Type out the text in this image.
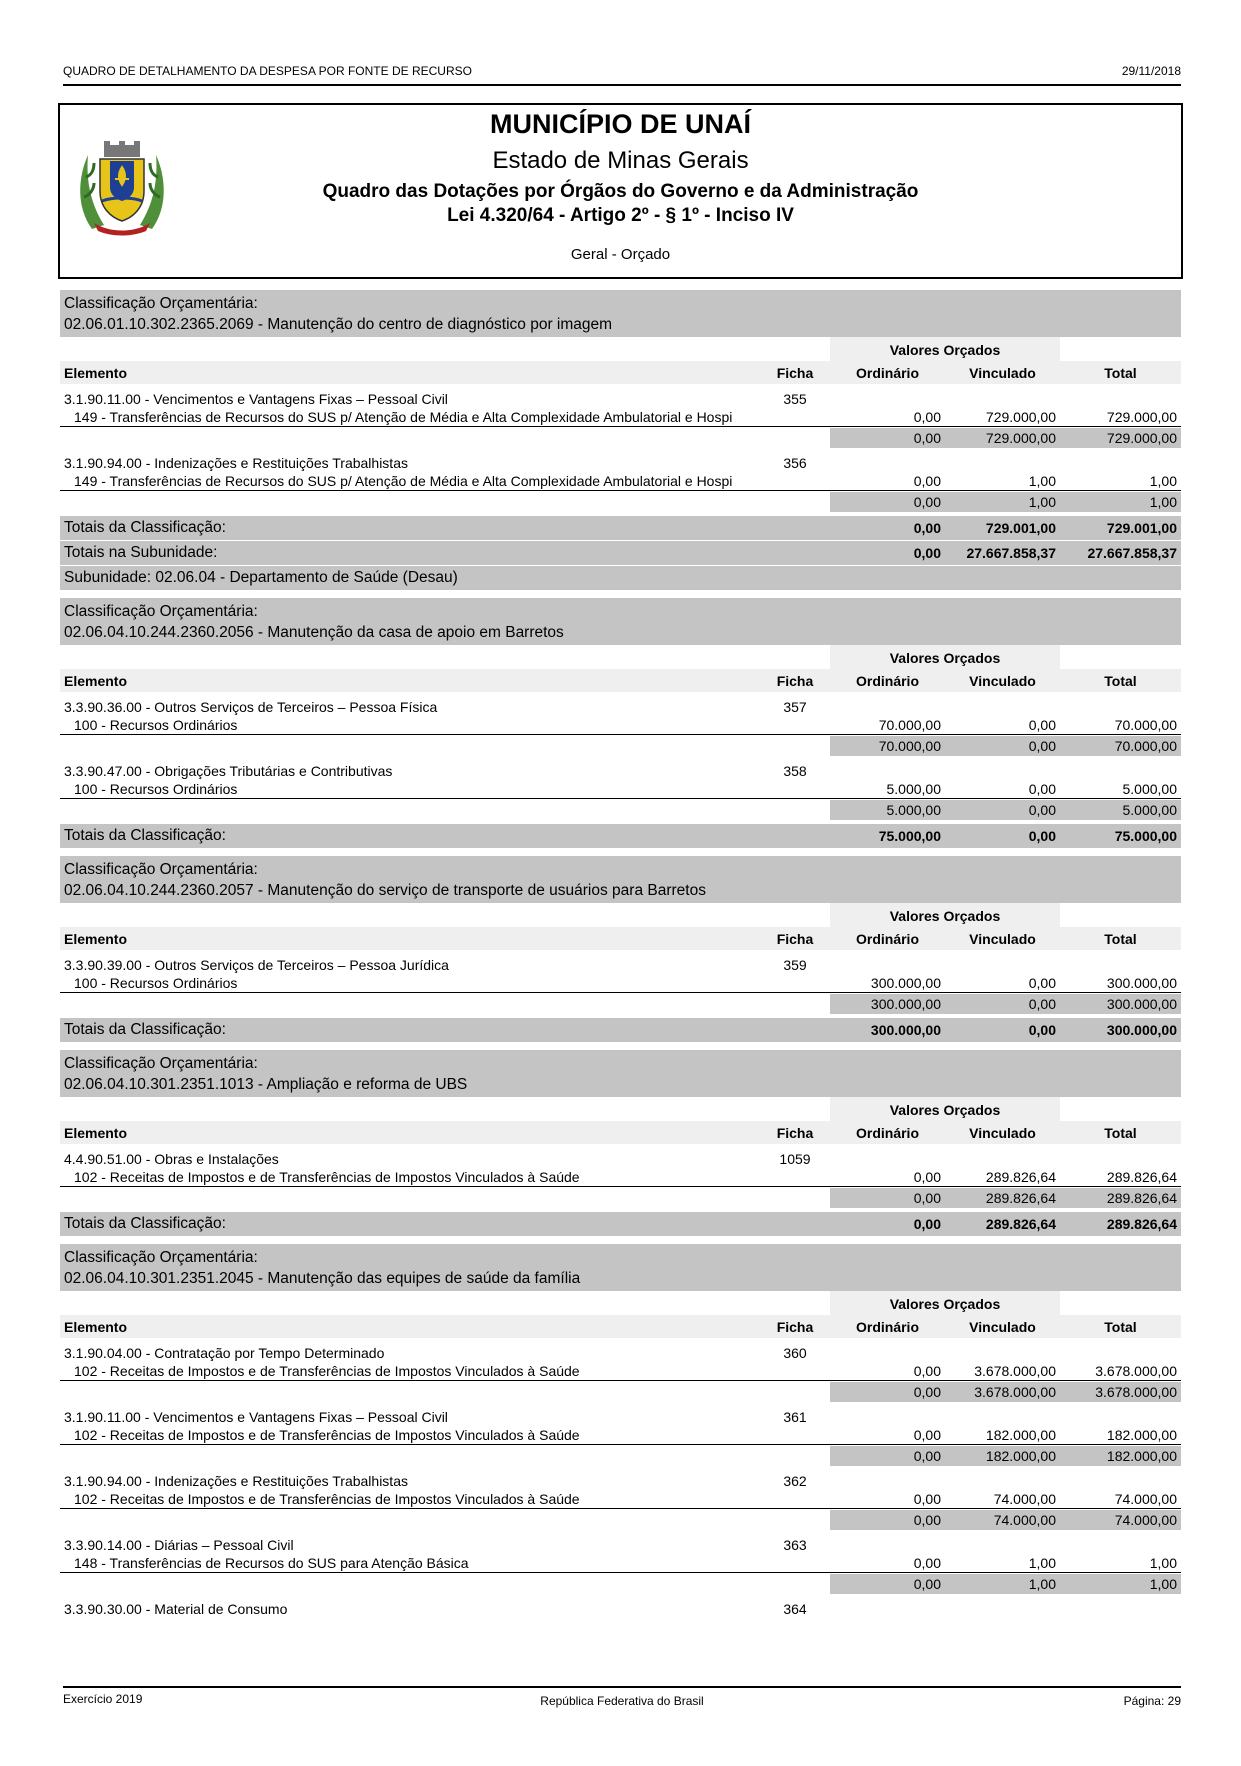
QUADRO DE DETALHAMENTO DA DESPESA POR FONTE DE RECURSO	29/11/2018
MUNICÍPIO DE UNAÍ
Estado de Minas Gerais
Quadro das Dotações por Órgãos do Governo e da Administração
Lei 4.320/64 - Artigo 2º - § 1º - Inciso IV
Geral - Orçado
Classificação Orçamentária:
02.06.01.10.302.2365.2069 - Manutenção do centro de diagnóstico por imagem
Valores Orçados
Elemento	Ficha	Ordinário	Vinculado	Total
3.1.90.11.00 - Vencimentos e Vantagens Fixas – Pessoal Civil	355
149 - Transferências de Recursos do SUS p/ Atenção de Média e Alta Complexidade Ambulatorial e Hospi	0,00	729.000,00	729.000,00
0,00	729.000,00	729.000,00
3.1.90.94.00 - Indenizações e Restituições Trabalhistas	356
149 - Transferências de Recursos do SUS p/ Atenção de Média e Alta Complexidade Ambulatorial e Hospi	0,00	1,00	1,00
0,00	1,00	1,00
Totais da Classificação:	0,00	729.001,00	729.001,00
Totais na Subunidade:	0,00	27.667.858,37	27.667.858,37
Subunidade: 02.06.04 - Departamento de Saúde (Desau)
Classificação Orçamentária:
02.06.04.10.244.2360.2056 - Manutenção da casa de apoio em Barretos
Valores Orçados
Elemento	Ficha	Ordinário	Vinculado	Total
3.3.90.36.00 - Outros Serviços de Terceiros – Pessoa Física	357
100 - Recursos Ordinários	70.000,00	0,00	70.000,00
70.000,00	0,00	70.000,00
3.3.90.47.00 - Obrigações Tributárias e Contributivas	358
100 - Recursos Ordinários	5.000,00	0,00	5.000,00
5.000,00	0,00	5.000,00
Totais da Classificação:	75.000,00	0,00	75.000,00
Classificação Orçamentária:
02.06.04.10.244.2360.2057 - Manutenção do serviço de transporte de usuários para Barretos
Valores Orçados
Elemento	Ficha	Ordinário	Vinculado	Total
3.3.90.39.00 - Outros Serviços de Terceiros – Pessoa Jurídica	359
100 - Recursos Ordinários	300.000,00	0,00	300.000,00
300.000,00	0,00	300.000,00
Totais da Classificação:	300.000,00	0,00	300.000,00
Classificação Orçamentária:
02.06.04.10.301.2351.1013 - Ampliação e reforma de UBS
Valores Orçados
Elemento	Ficha	Ordinário	Vinculado	Total
4.4.90.51.00 - Obras e Instalações	1059
102 - Receitas de Impostos e de Transferências de Impostos Vinculados à Saúde	0,00	289.826,64	289.826,64
0,00	289.826,64	289.826,64
Totais da Classificação:	0,00	289.826,64	289.826,64
Classificação Orçamentária:
02.06.04.10.301.2351.2045 - Manutenção das equipes de saúde da família
Valores Orçados
Elemento	Ficha	Ordinário	Vinculado	Total
3.1.90.04.00 - Contratação por Tempo Determinado	360
102 - Receitas de Impostos e de Transferências de Impostos Vinculados à Saúde	0,00	3.678.000,00	3.678.000,00
0,00	3.678.000,00	3.678.000,00
3.1.90.11.00 - Vencimentos e Vantagens Fixas – Pessoal Civil	361
102 - Receitas de Impostos e de Transferências de Impostos Vinculados à Saúde	0,00	182.000,00	182.000,00
0,00	182.000,00	182.000,00
3.1.90.94.00 - Indenizações e Restituições Trabalhistas	362
102 - Receitas de Impostos e de Transferências de Impostos Vinculados à Saúde	0,00	74.000,00	74.000,00
0,00	74.000,00	74.000,00
3.3.90.14.00 - Diárias – Pessoal Civil	363
148 - Transferências de Recursos do SUS para Atenção Básica	0,00	1,00	1,00
0,00	1,00	1,00
3.3.90.30.00 - Material de Consumo	364
Exercício 2019	República Federativa do Brasil	Página: 29
